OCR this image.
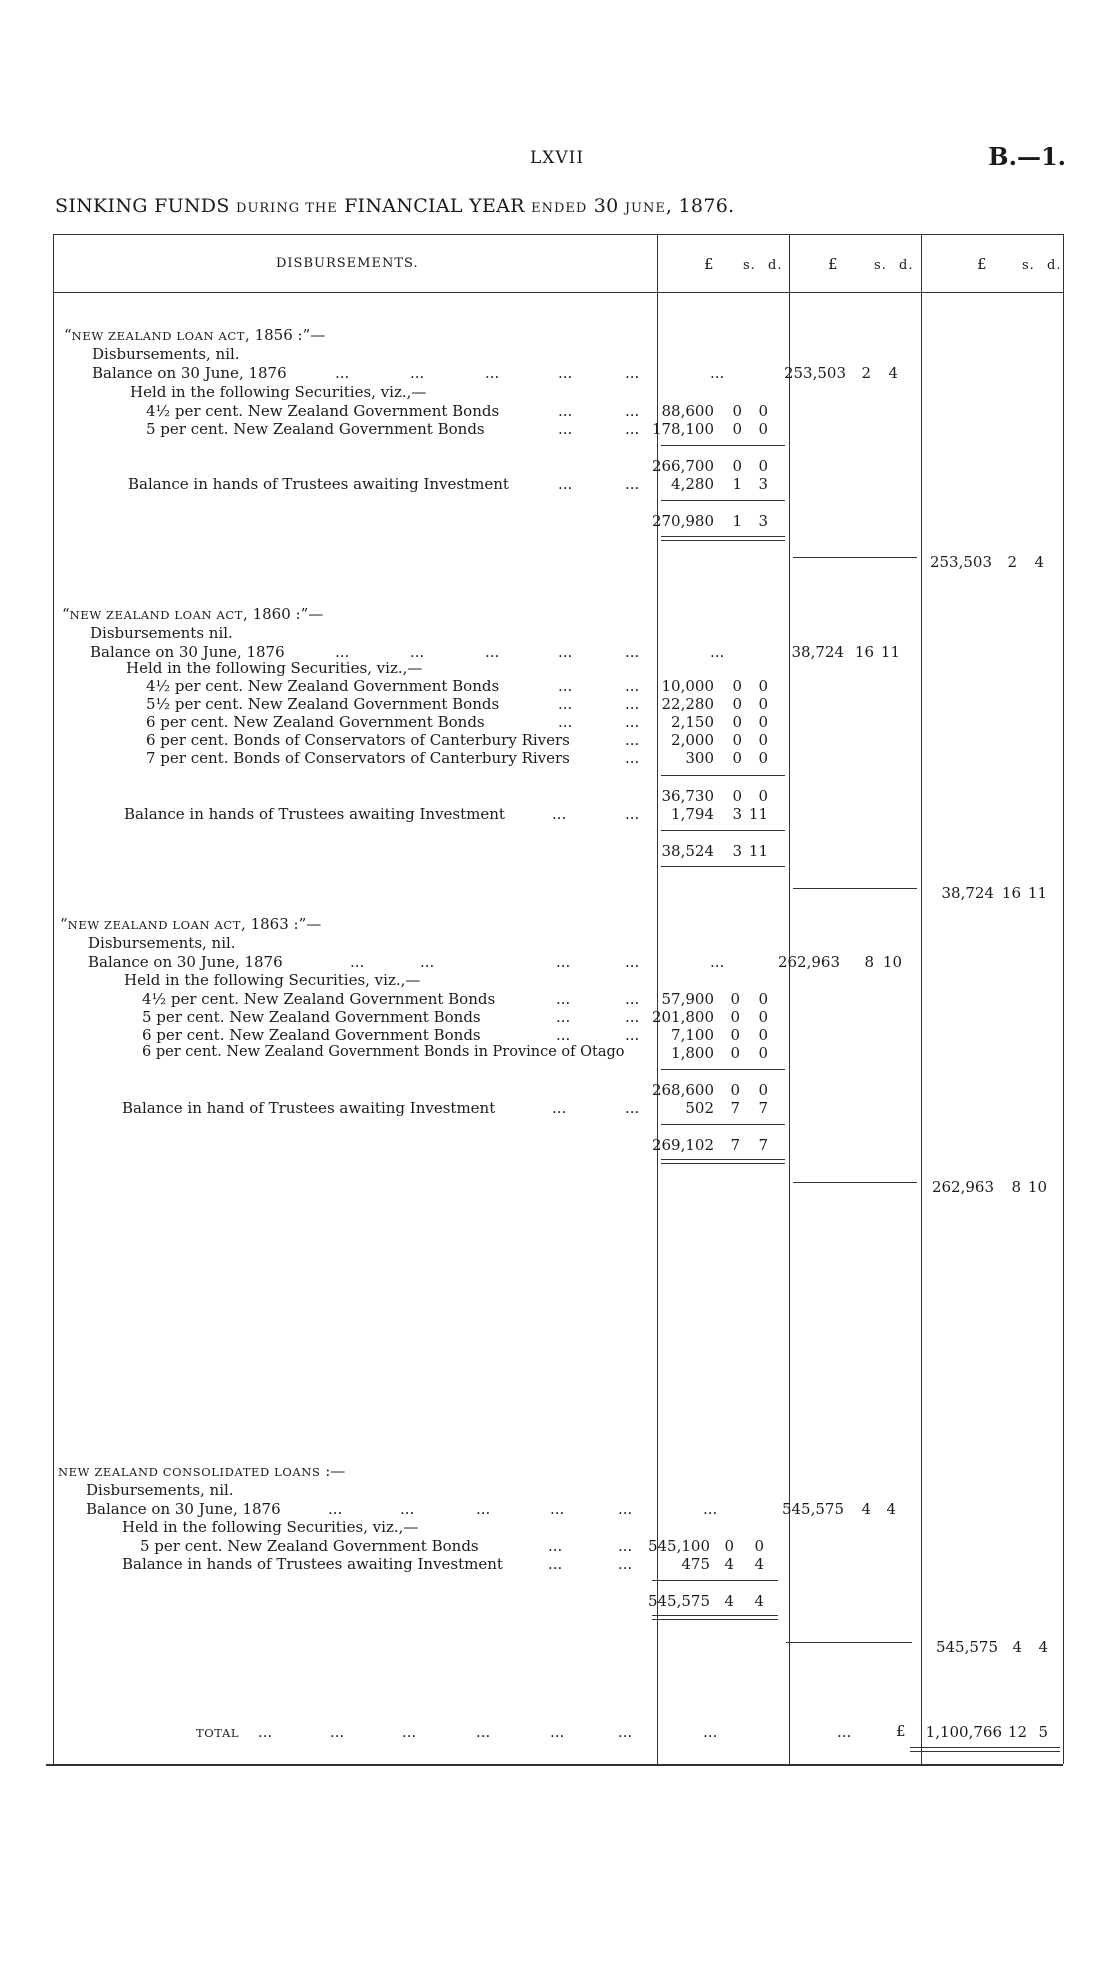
LXVII	B.—1.
SINKING FUNDS DURING THE FINANCIAL YEAR ENDED 30 JUNE, 1876.
DISBURSEMENTS.	£ s. d.	£	s. d.	£	s. d.
“NEW ZEALAND LOAN ACT, 1856 :”—
Disbursements, nil.
Balance on 30 June, 1876	...	...	...	...	...	...	253,503 2 4
Held in the following Securities, viz.,—
4½ per cent. New Zealand Government Bonds	...	... 88,600 0 0
5 per cent. New Zealand Government Bonds	...	... 178,100 0 0
266,700 0 0
Balance in hands of Trustees awaiting Investment	...	... 4,280 1 3
270,980 1 3
253,503 2 4
“NEW ZEALAND LOAN ACT, 1860 :”—
Disbursements nil.
Balance on 30 June, 1876	...	...	...	...	...	...	38,724 16 11
Held in the following Securities, viz.,—
4½ per cent. New Zealand Government Bonds	...	... 10,000 0 0
5½ per cent. New Zealand Government Bonds	...	... 22,280 0 0
6 per cent. New Zealand Government Bonds	...	... 2,150 0 0
6 per cent. Bonds of Conservators of Canterbury Rivers	... 2,000 0 0
7 per cent. Bonds of Conservators of Canterbury Rivers	...	300 0 0
36,730 0 0
Balance in hands of Trustees awaiting Investment	...	... 1,794 3 11
38,524 3 11
38,724 16 11
“NEW ZEALAND LOAN ACT, 1863 :”—
Disbursements, nil.
Balance on 30 June, 1876	...	...	...	...	...	262,963 8 10
Held in the following Securities, viz.,—
4½ per cent. New Zealand Government Bonds	...	... 57,900 0 0
5 per cent. New Zealand Government Bonds	...	... 201,800 0 0
6 per cent. New Zealand Government Bonds	...	... 7,100 0 0
6 per cent. New Zealand Government Bonds in Province of Otago	1,800 0 0
268,600 0 0
Balance in hand of Trustees awaiting Investment	...	...	502 7 7
269,102 7 7
262,963 8 10
NEW ZEALAND CONSOLIDATED LOANS :—
Disbursements, nil.
Balance on 30 June, 1876	...	...	...	...	...	...	545,575 4 4
Held in the following Securities, viz.,—
5 per cent. New Zealand Government Bonds	...	... 545,100 0 0
Balance in hands of Trustees awaiting Investment	...	...	475 4 4
545,575 4 4
545,575 4 4
TOTAL ...	...	...	...	...	...	...	...	£ 1,100,766 12 5
